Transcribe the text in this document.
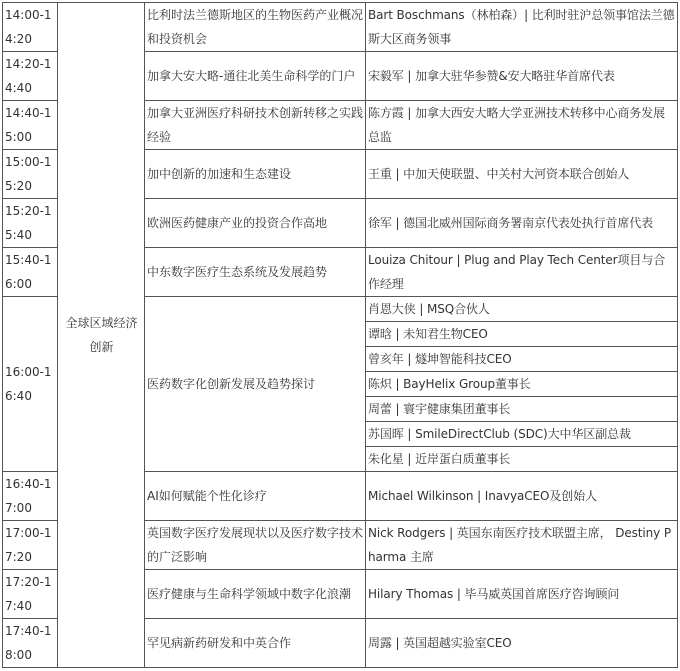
14:00-14:20	全球区域经济创新	比利时法兰德斯地区的生物医药产业概况和投资机会	Bart Boschmans（林柏森）| 比利时驻沪总领事馆法兰德斯大区商务领事
14:20-14:40		加拿大安大略-通往北美生命科学的门户	宋毅军 | 加拿大驻华参赞&安大略驻华首席代表
14:40-15:00		加拿大亚洲医疗科研技术创新转移之实践经验	陈方霞 | 加拿大西安大略大学亚洲技术转移中心商务发展总监
15:00-15:20		加中创新的加速和生态建设	王重 | 中加天使联盟、中关村大河资本联合创始人
15:20-15:40		欧洲医药健康产业的投资合作高地	徐军 | 德国北威州国际商务署南京代表处执行首席代表
15:40-16:00		中东数字医疗生态系统及发展趋势	Louiza Chitour | Plug and Play Tech Center项目与合作经理
16:00-16:40		医药数字化创新发展及趋势探讨	肖恩大侠 | MSQ合伙人
			谭晗 | 未知君生物CEO
			曾亥年 | 燧坤智能科技CEO
			陈炽 | BayHelix Group董事长
			周蕾 | 寰宇健康集团董事长
			苏国晖 | SmileDirectClub (SDC)大中华区副总裁
			朱化星 | 近岸蛋白质董事长
16:40-17:00		AI如何赋能个性化诊疗	Michael Wilkinson | InavyaCEO及创始人
17:00-17:20		英国数字医疗发展现状以及医疗数字技术的广泛影响	Nick Rodgers | 英国东南医疗技术联盟主席， Destiny Pharma 主席
17:20-17:40		医疗健康与生命科学领域中数字化浪潮	Hilary Thomas | 毕马威英国首席医疗咨询顾问
17:40-18:00		罕见病新药研发和中英合作	周露 | 英国超越实验室CEO
